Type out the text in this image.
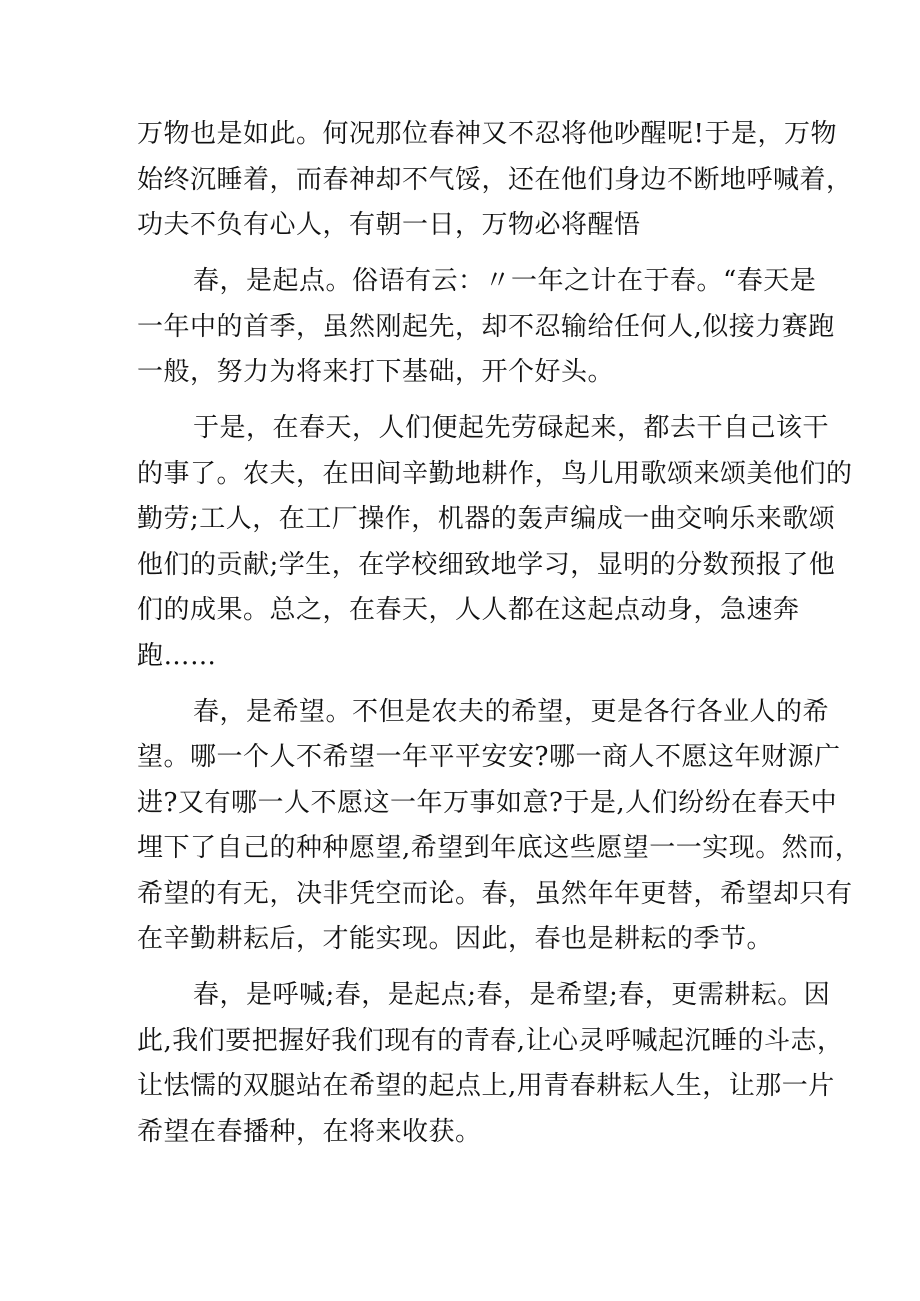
万物也是如此。何况那位春神又不忍将他吵醒呢!于是，万物
始终沉睡着，而春神却不气馁，还在他们身边不断地呼喊着，
功夫不负有心人，有朝一日，万物必将醒悟

春，是起点。俗语有云：〃一年之计在于春。“春天是
一年中的首季，虽然刚起先，却不忍输给任何人,似接力赛跑
一般，努力为将来打下基础，开个好头。

于是，在春天，人们便起先劳碌起来，都去干自己该干
的事了。农夫，在田间辛勤地耕作，鸟儿用歌颂来颂美他们的
勤劳;工人，在工厂操作，机器的轰声编成一曲交响乐来歌颂
他们的贡献;学生，在学校细致地学习，显明的分数预报了他
们的成果。总之，在春天，人人都在这起点动身，急速奔
跑……

春，是希望。不但是农夫的希望，更是各行各业人的希
望。哪一个人不希望一年平平安安?哪一商人不愿这年财源广
进?又有哪一人不愿这一年万事如意?于是,人们纷纷在春天中
埋下了自己的种种愿望,希望到年底这些愿望一一实现。然而，
希望的有无，决非凭空而论。春，虽然年年更替，希望却只有
在辛勤耕耘后，才能实现。因此，春也是耕耘的季节。

春，是呼喊;春，是起点;春，是希望;春，更需耕耘。因
此,我们要把握好我们现有的青春,让心灵呼喊起沉睡的斗志，
让怯懦的双腿站在希望的起点上,用青春耕耘人生，让那一片
希望在春播种，在将来收获。
